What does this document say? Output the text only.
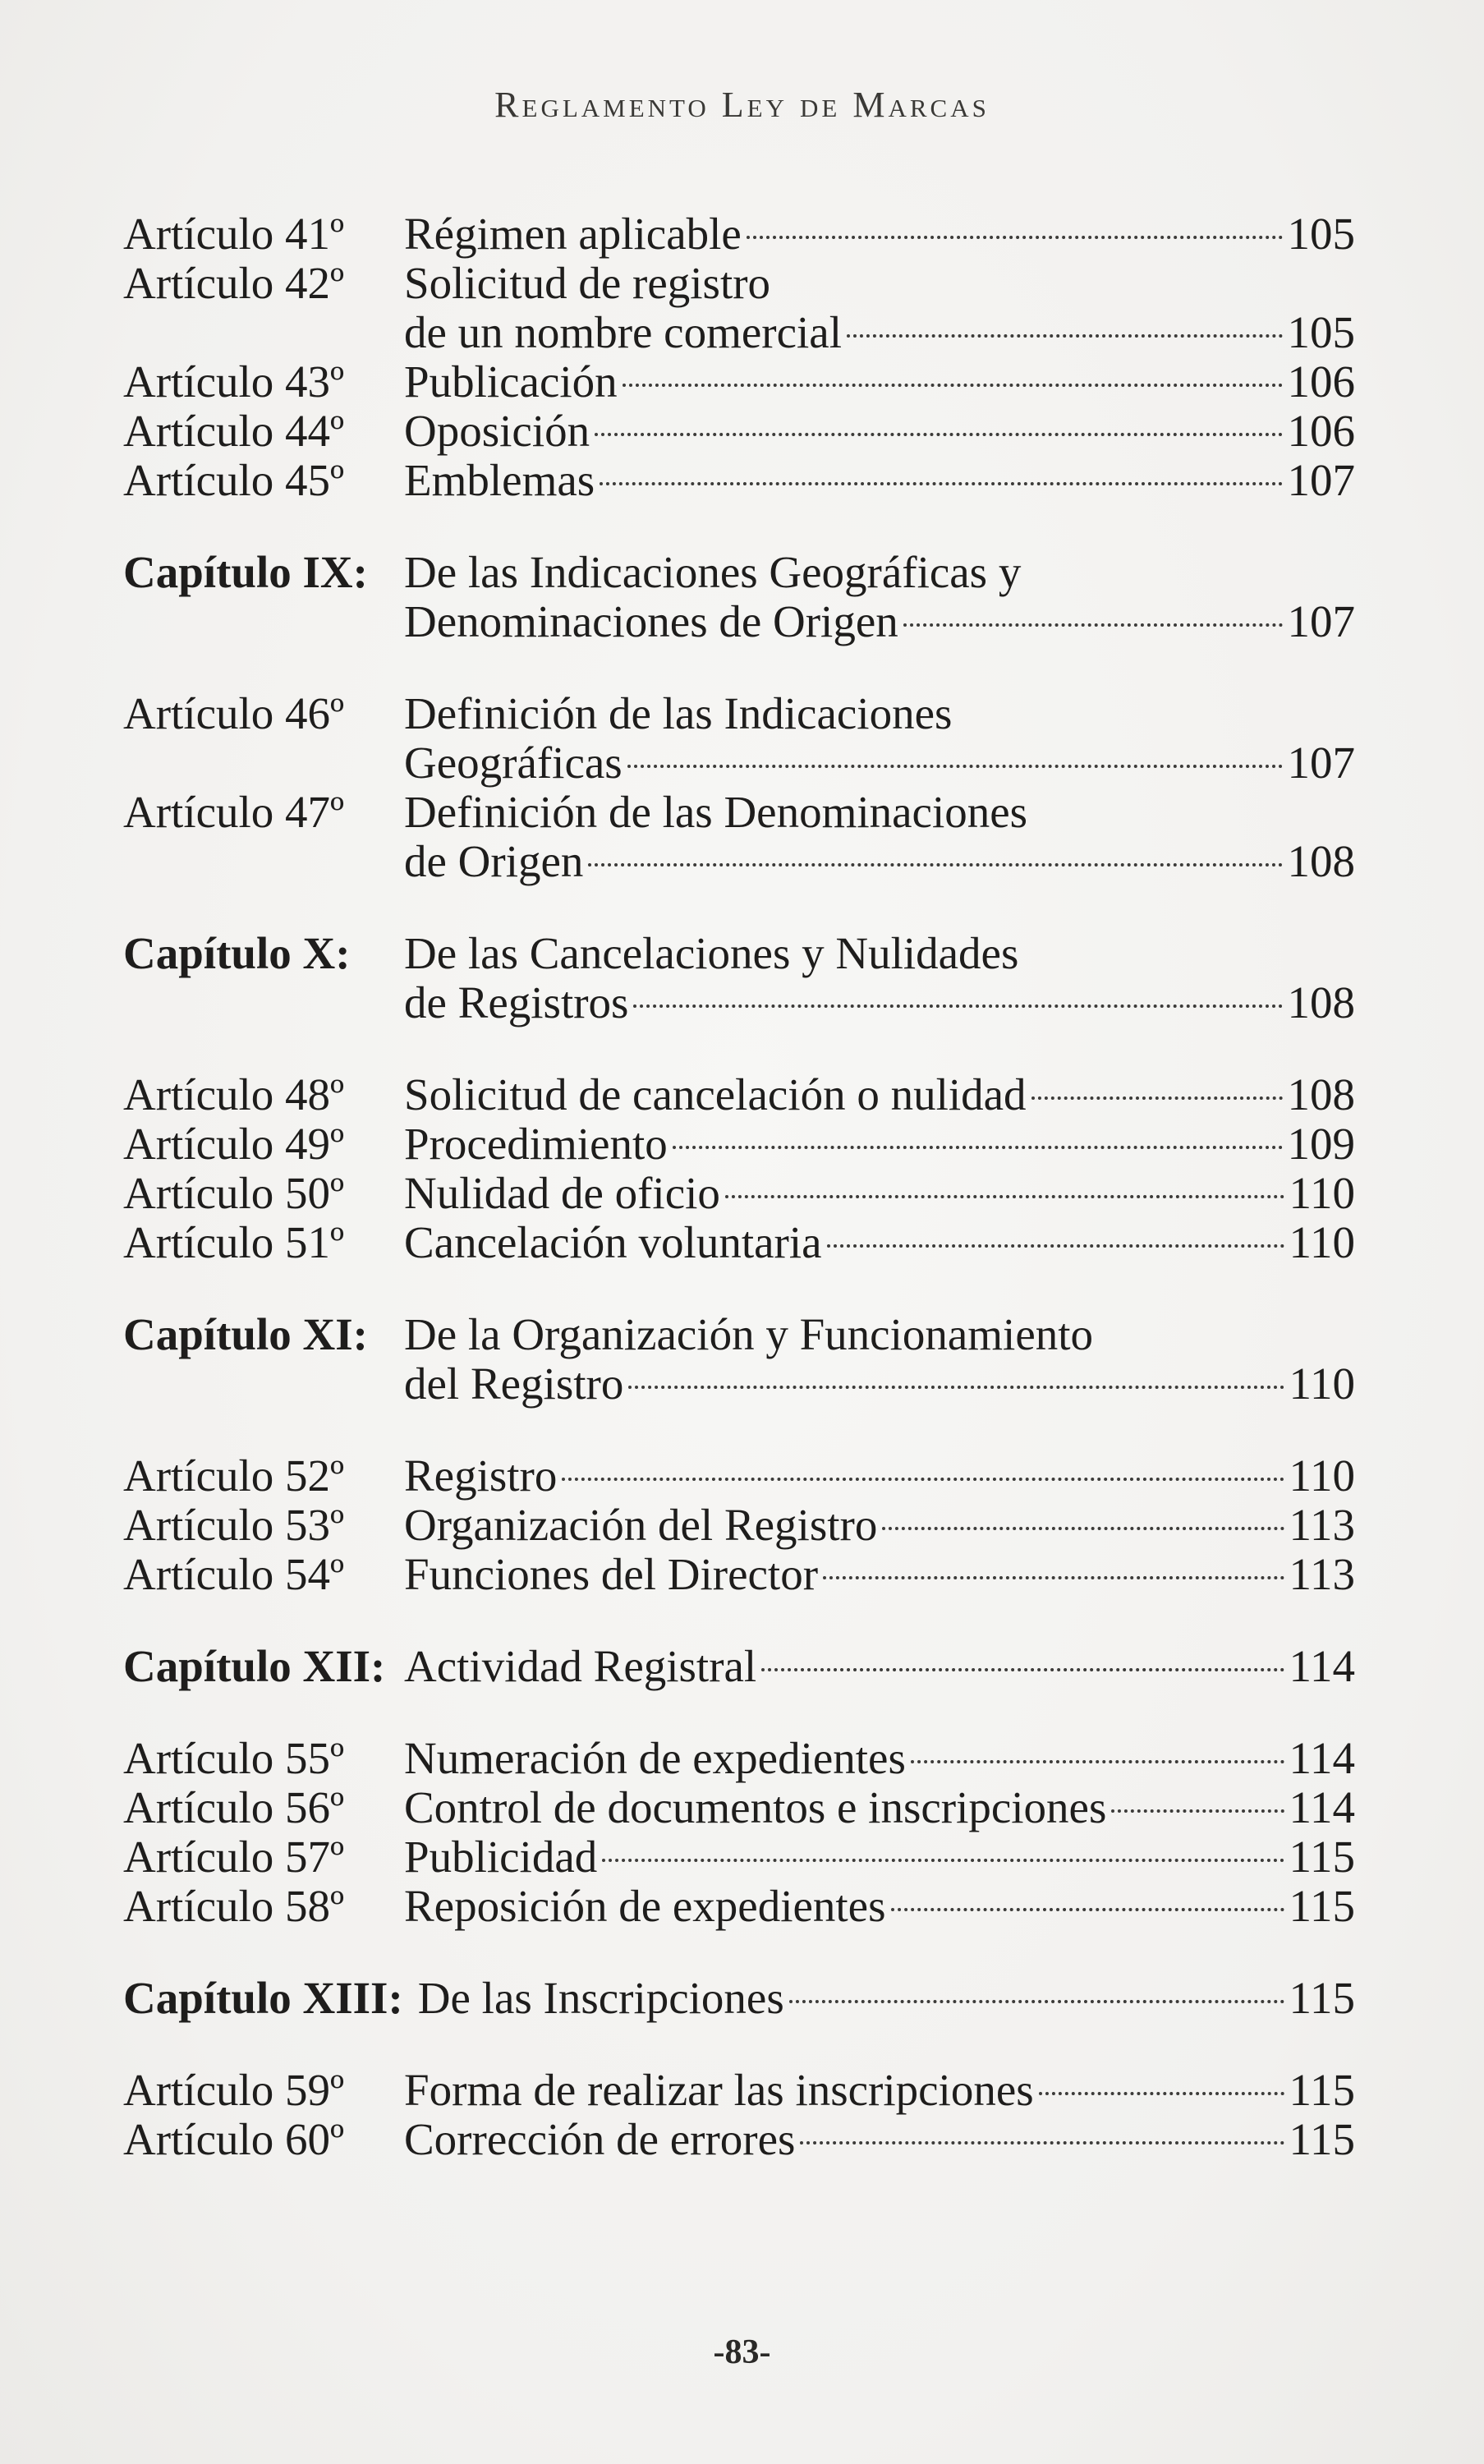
Reglamento Ley de Marcas
Artículo 41º	Régimen aplicable	105
Artículo 42º	Solicitud de registro
de un nombre comercial	105
Artículo 43º	Publicación	106
Artículo 44º	Oposición	106
Artículo 45º	Emblemas	107
Capítulo IX: De las Indicaciones Geográficas y
Denominaciones de Origen	107
Artículo 46º	Definición de las Indicaciones
Geográficas	107
Artículo 47º	Definición de las Denominaciones
de Origen	108
Capítulo X:	De las Cancelaciones y Nulidades
de Registros	108
Artículo 48º	Solicitud de cancelación o nulidad	108
Artículo 49º	Procedimiento	109
Artículo 50º	Nulidad de oficio	110
Artículo 51º	Cancelación voluntaria	110
Capítulo XI: De la Organización y Funcionamiento
del Registro	110
Artículo 52º	Registro	110
Artículo 53º	Organización del Registro	113
Artículo 54º	Funciones del Director	113
Capítulo XII: Actividad Registral	114
Artículo 55º	Numeración de expedientes	114
Artículo 56º	Control de documentos e inscripciones	114
Artículo 57º	Publicidad	115
Artículo 58º	Reposición de expedientes	115
Capítulo XIII: De las Inscripciones	115
Artículo 59º	Forma de realizar las inscripciones	115
Artículo 60º	Corrección de errores	115
-83-
